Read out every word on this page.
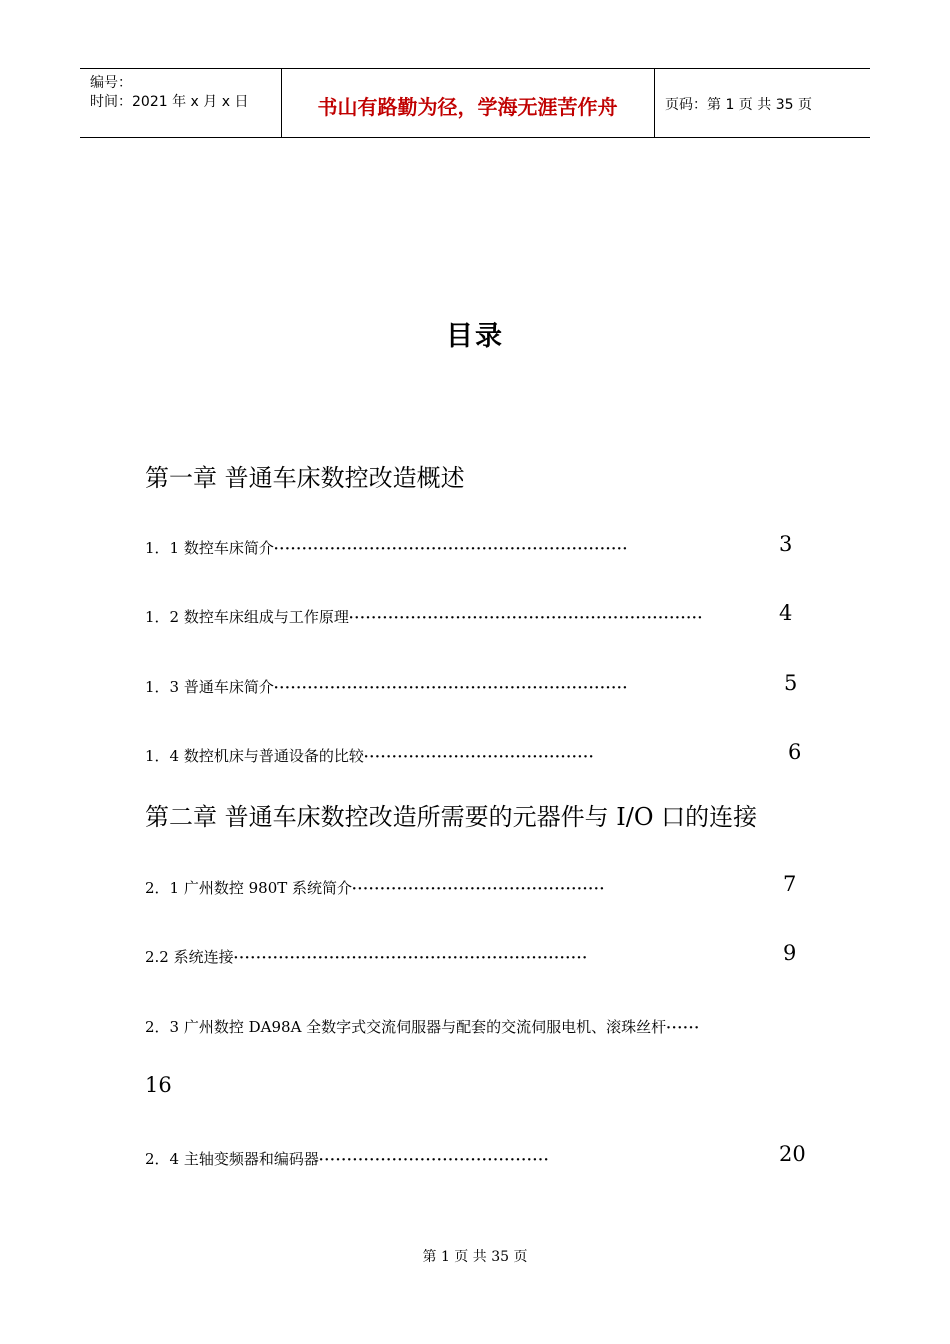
编号：
时间：2021 年 x 月 x 日	书山有路勤为径，学海无涯苦作舟	页码：第 1 页 共 35 页
目录
第一章 普通车床数控改造概述
1．1 数控车床简介·······························································	3
1．2 数控车床组成与工作原理·······························································	4
1．3 普通车床简介·······························································	5
1．4 数控机床与普通设备的比较·········································	6
第二章 普通车床数控改造所需要的元器件与 I/O 口的连接
2．1 广州数控 980T 系统简介·············································	7
2.2 系统连接·······························································	9
2．3 广州数控 DA98A 全数字式交流伺服器与配套的交流伺服电机、滚珠丝杆······
16
2．4 主轴变频器和编码器·········································	20
第 1 页 共 35 页
